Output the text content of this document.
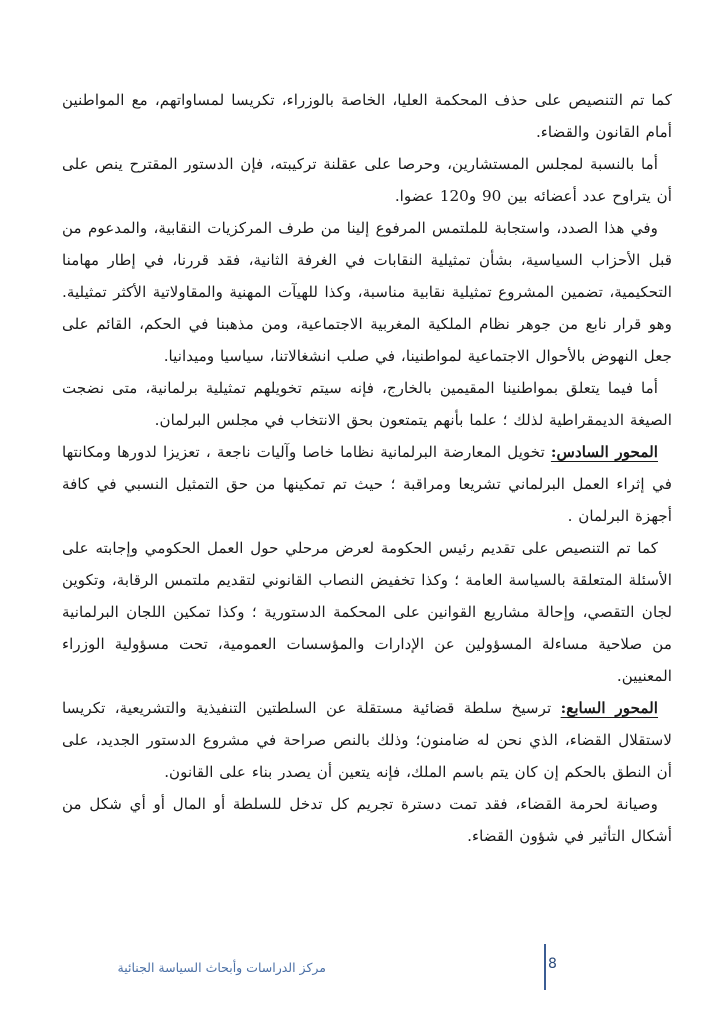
كما تم التنصيص على حذف المحكمة العليا، الخاصة بالوزراء، تكريسا لمساواتهم، مع المواطنين أمام القانون والقضاء.

أما بالنسبة لمجلس المستشارين، وحرصا على عقلنة تركيبته، فإن الدستور المقترح ينص على أن يتراوح عدد أعضائه بين 90 و120 عضوا.

وفي هذا الصدد، واستجابة للملتمس المرفوع إلينا من طرف المركزيات النقابية، والمدعوم من قبل الأحزاب السياسية، بشأن تمثيلية النقابات في الغرفة الثانية، فقد قررنا، في إطار مهامنا التحكيمية، تضمين المشروع تمثيلية نقابية مناسبة، وكذا للهيآت المهنية والمقاولاتية الأكثر تمثيلية. وهو قرار نابع من جوهر نظام الملكية المغربية الاجتماعية، ومن مذهبنا في الحكم، القائم على جعل النهوض بالأحوال الاجتماعية لمواطنينا، في صلب انشغالاتنا، سياسيا وميدانيا.

أما فيما يتعلق بمواطنينا المقيمين بالخارج، فإنه سيتم تخويلهم تمثيلية برلمانية، متى نضجت الصيغة الديمقراطية لذلك ؛ علما بأنهم يتمتعون بحق الانتخاب في مجلس البرلمان.

المحور السادس: تخويل المعارضة البرلمانية نظاما خاصا وآليات ناجعة ، تعزيزا لدورها ومكانتها في إثراء العمل البرلماني تشريعا ومراقبة ؛ حيث تم تمكينها من حق التمثيل النسبي في كافة أجهزة البرلمان .

كما تم التنصيص على تقديم رئيس الحكومة لعرض مرحلي حول العمل الحكومي وإجابته على الأسئلة المتعلقة بالسياسة العامة ؛ وكذا تخفيض النصاب القانوني لتقديم ملتمس الرقابة، وتكوين لجان التقصي، وإحالة مشاريع القوانين على المحكمة الدستورية ؛ وكذا تمكين اللجان البرلمانية من صلاحية مساءلة المسؤولين عن الإدارات والمؤسسات العمومية، تحت مسؤولية الوزراء المعنيين.

المحور السابع: ترسيخ سلطة قضائية مستقلة عن السلطتين التنفيذية والتشريعية، تكريسا لاستقلال القضاء، الذي نحن له ضامنون؛ وذلك بالنص صراحة في مشروع الدستور الجديد، على أن النطق بالحكم إن كان يتم باسم الملك، فإنه يتعين أن يصدر بناء على القانون.

وصيانة لحرمة القضاء، فقد تمت دسترة تجريم كل تدخل للسلطة أو المال أو أي شكل من أشكال التأثير في شؤون القضاء.

8
مركز الدراسات وأبحاث السياسة الجنائية
